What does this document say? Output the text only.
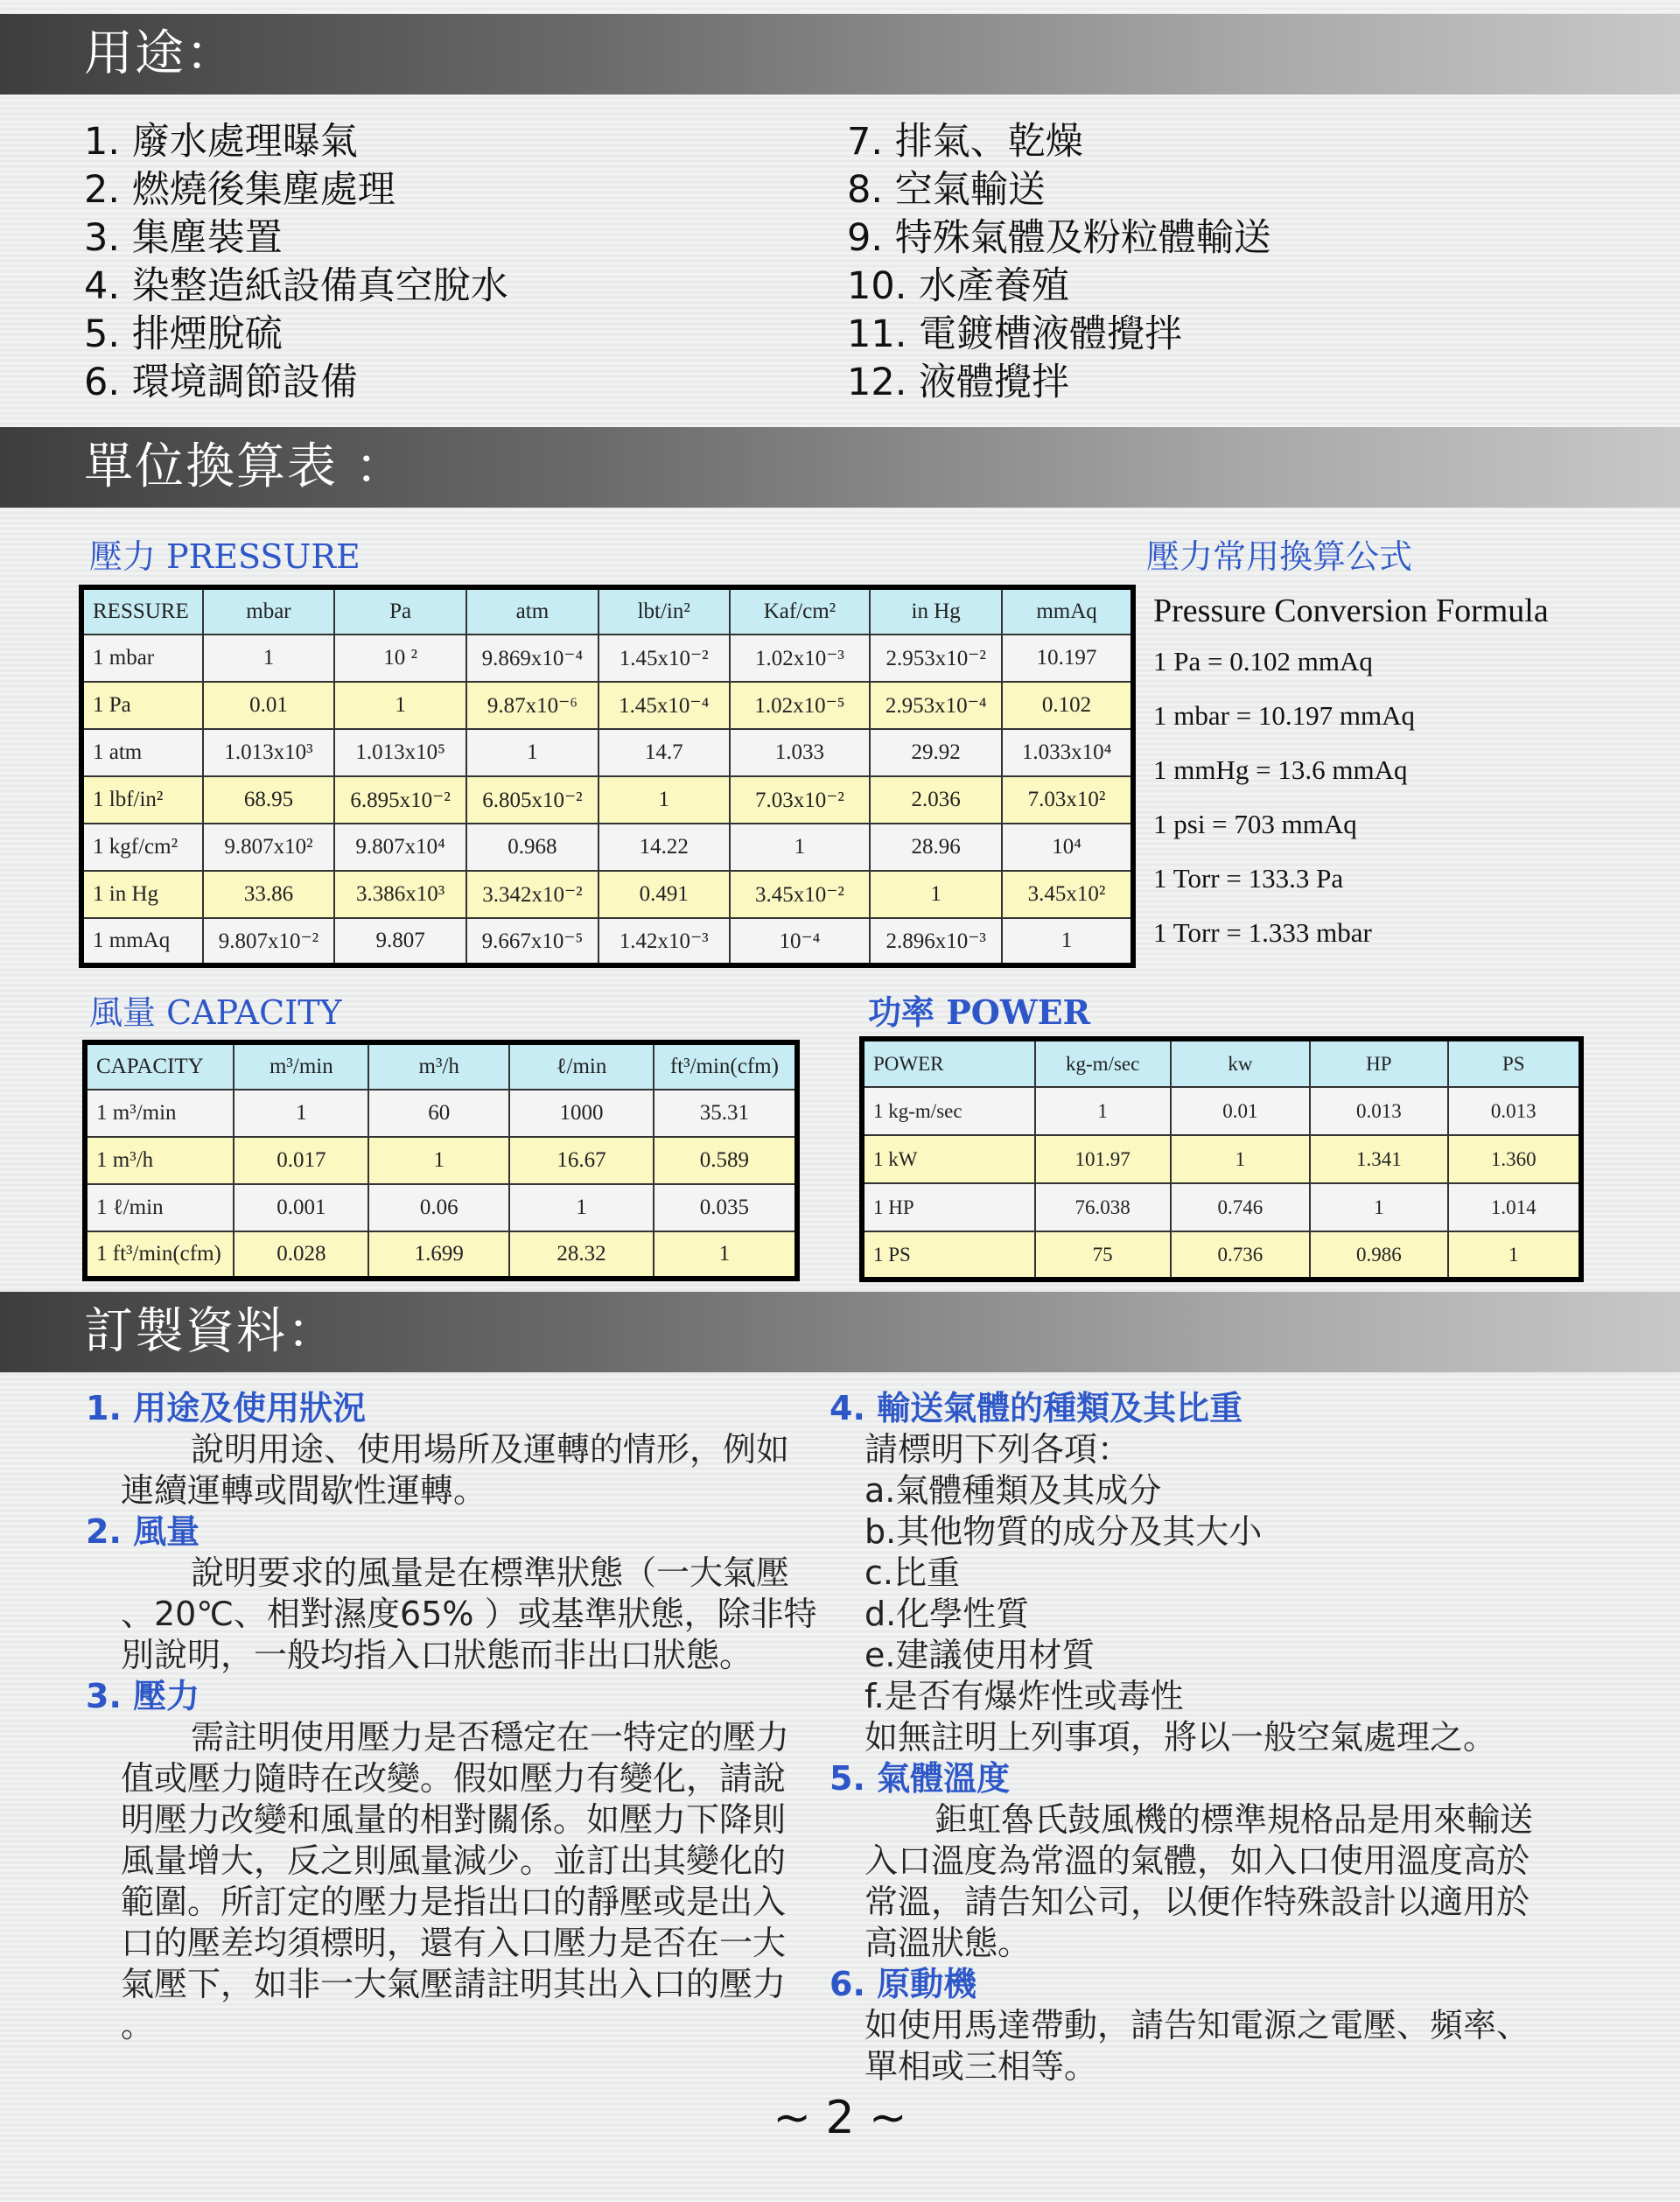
用途：
1. 廢水處理曝氣
2. 燃燒後集塵處理
3. 集塵裝置
4. 染整造紙設備真空脫水
5. 排煙脫硫
6. 環境調節設備
7. 排氣、乾燥
8. 空氣輸送
9. 特殊氣體及粉粒體輸送
10. 水產養殖
11. 電鍍槽液體攪拌
12. 液體攪拌
單位換算表 ：
壓力 PRESSURE	壓力常用換算公式
RESSURE	mbar	Pa	atm	lbt/in²	Kaf/cm²	in Hg	mmAq
1 mbar	1	10 ²	9.869x10⁻⁴	1.45x10⁻²	1.02x10⁻³	2.953x10⁻²	10.197
1 Pa	0.01	1	9.87x10⁻⁶	1.45x10⁻⁴	1.02x10⁻⁵	2.953x10⁻⁴	0.102
1 atm	1.013x10³	1.013x10⁵	1	14.7	1.033	29.92	1.033x10⁴
1 lbf/in²	68.95	6.895x10⁻²	6.805x10⁻²	1	7.03x10⁻²	2.036	7.03x10²
1 kgf/cm²	9.807x10²	9.807x10⁴	0.968	14.22	1	28.96	10⁴
1 in Hg	33.86	3.386x10³	3.342x10⁻²	0.491	3.45x10⁻²	1	3.45x10²
1 mmAq	9.807x10⁻²	9.807	9.667x10⁻⁵	1.42x10⁻³	10⁻⁴	2.896x10⁻³	1
Pressure Conversion Formula
1 Pa = 0.102 mmAq
1 mbar = 10.197 mmAq
1 mmHg = 13.6 mmAq
1 psi = 703 mmAq
1 Torr = 133.3 Pa
1 Torr = 1.333 mbar
風量 CAPACITY	功率 POWER
CAPACITY	m³/min	m³/h	ℓ/min	ft³/min(cfm)
1 m³/min	1	60	1000	35.31
1 m³/h	0.017	1	16.67	0.589
1 ℓ/min	0.001	0.06	1	0.035
1 ft³/min(cfm)	0.028	1.699	28.32	1
POWER	kg-m/sec	kw	HP	PS
1 kg-m/sec	1	0.01	0.013	0.013
1 kW	101.97	1	1.341	1.360
1 HP	76.038	0.746	1	1.014
1 PS	75	0.736	0.986	1
訂製資料：
1. 用途及使用狀況
說明用途、使用場所及運轉的情形，例如
連續運轉或間歇性運轉。
2. 風量
說明要求的風量是在標準狀態（一大氣壓
、20℃、相對濕度65% ）或基準狀態，除非特
別說明，一般均指入口狀態而非出口狀態。
3. 壓力
需註明使用壓力是否穩定在一特定的壓力
值或壓力隨時在改變。假如壓力有變化，請說
明壓力改變和風量的相對關係。如壓力下降則
風量增大，反之則風量減少。並訂出其變化的
範圍。所訂定的壓力是指出口的靜壓或是出入
口的壓差均須標明，還有入口壓力是否在一大
氣壓下，如非一大氣壓請註明其出入口的壓力
。
4. 輸送氣體的種類及其比重
請標明下列各項：
a.氣體種類及其成分
b.其他物質的成分及其大小
c.比重
d.化學性質
e.建議使用材質
f.是否有爆炸性或毒性
如無註明上列事項，將以一般空氣處理之。
5. 氣體溫度
鉅虹魯氏鼓風機的標準規格品是用來輸送
入口溫度為常溫的氣體，如入口使用溫度高於
常溫，請告知公司，以便作特殊設計以適用於
高溫狀態。
6. 原動機
如使用馬達帶動，請告知電源之電壓、頻率、
單相或三相等。
~ 2 ~
